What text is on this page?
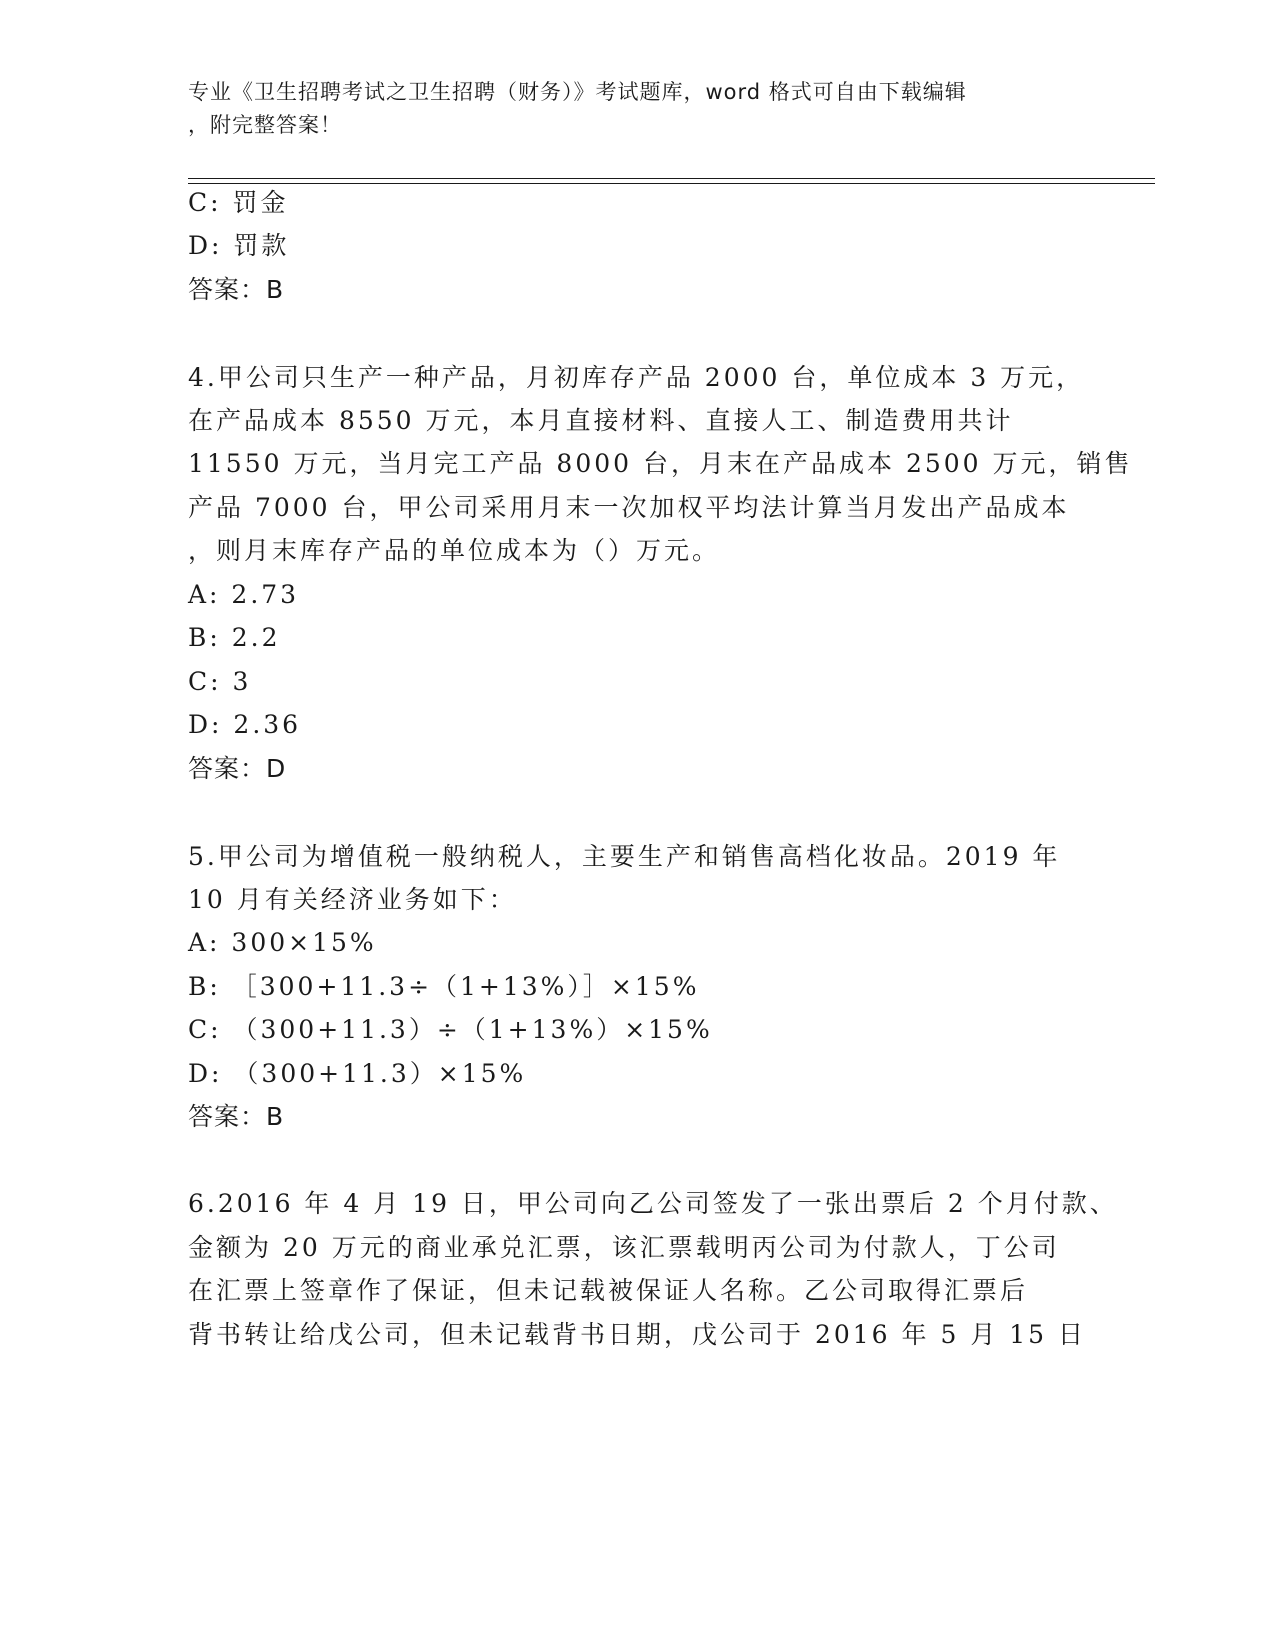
专业《卫生招聘考试之卫生招聘（财务）》考试题库，word 格式可自由下载编辑
，附完整答案！
C: 罚金
D: 罚款
答案：B
4.甲公司只生产一种产品，月初库存产品 2000 台，单位成本 3 万元，
在产品成本 8550 万元，本月直接材料、直接人工、制造费用共计
11550 万元，当月完工产品 8000 台，月末在产品成本 2500 万元，销售
产品 7000 台，甲公司采用月末一次加权平均法计算当月发出产品成本
，则月末库存产品的单位成本为（）万元。
A: 2.73
B: 2.2
C: 3
D: 2.36
答案：D
5.甲公司为增值税一般纳税人，主要生产和销售高档化妆品。2019 年
10 月有关经济业务如下：
A: 300×15%
B: ［300+11.3÷（1+13%）］×15%
C: （300+11.3）÷（1+13%）×15%
D: （300+11.3）×15%
答案：B
6.2016 年 4 月 19 日，甲公司向乙公司签发了一张出票后 2 个月付款、
金额为 20 万元的商业承兑汇票，该汇票载明丙公司为付款人，丁公司
在汇票上签章作了保证，但未记载被保证人名称。乙公司取得汇票后
背书转让给戊公司，但未记载背书日期，戊公司于 2016 年 5 月 15 日
